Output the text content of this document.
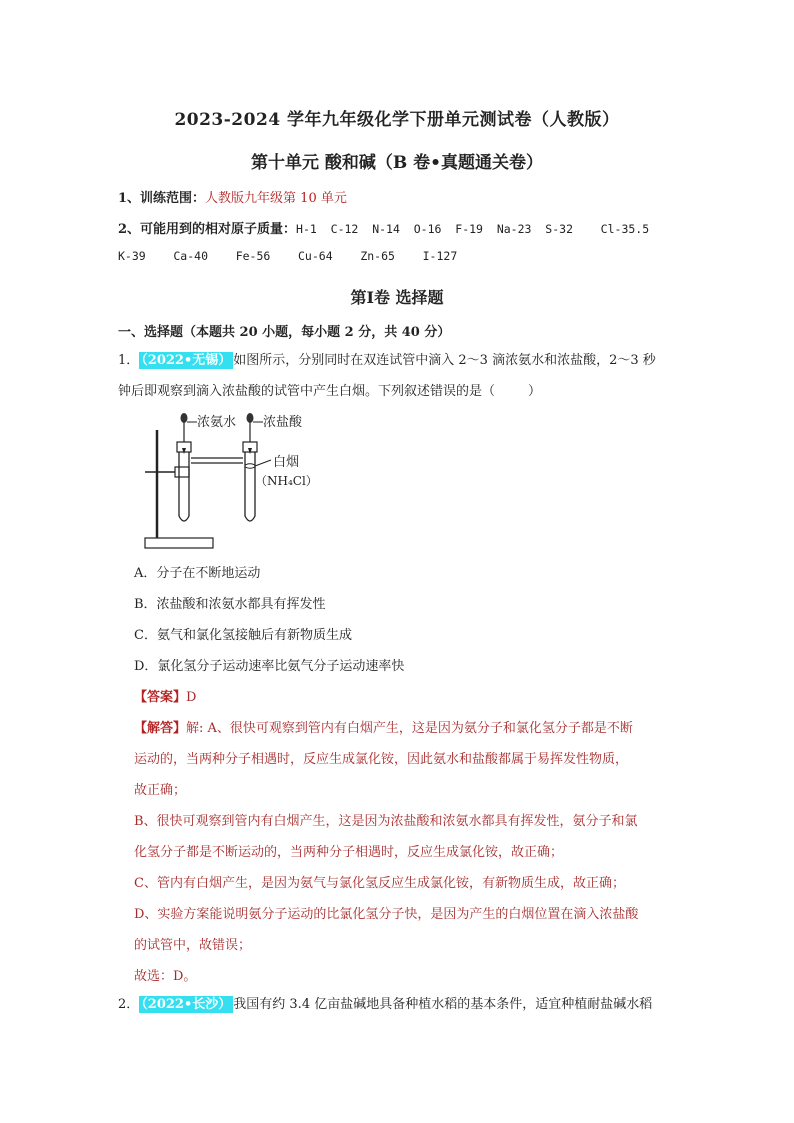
2023-2024 学年九年级化学下册单元测试卷（人教版）
第十单元 酸和碱（B 卷•真题通关卷）
1、训练范围：人教版九年级第 10 单元
2、可能用到的相对原子质量：H-1  C-12  N-14  O-16  F-19  Na-23  S-32    Cl-35.5
K-39    Ca-40    Fe-56    Cu-64    Zn-65    I-127
第Ⅰ卷 选择题
一、选择题（本题共 20 小题，每小题 2 分，共 40 分）
1． （2022•无锡） 如图所示，分别同时在双连试管中滴入 2～3 滴浓氨水和浓盐酸，2～3 秒
钟后即观察到滴入浓盐酸的试管中产生白烟。下列叙述错误的是（        ）
浓氨水 浓盐酸
白烟
（NH₄Cl）
A．分子在不断地运动
B．浓盐酸和浓氨水都具有挥发性
C．氨气和氯化氢接触后有新物质生成
D．氯化氢分子运动速率比氨气分子运动速率快
【答案】D
【解答】解: A、很快可观察到管内有白烟产生，这是因为氨分子和氯化氢分子都是不断
运动的，当两种分子相遇时，反应生成氯化铵，因此氨水和盐酸都属于易挥发性物质，
故正确；
B、很快可观察到管内有白烟产生，这是因为浓盐酸和浓氨水都具有挥发性，氨分子和氯
化氢分子都是不断运动的，当两种分子相遇时，反应生成氯化铵，故正确；
C、管内有白烟产生，是因为氨气与氯化氢反应生成氯化铵，有新物质生成，故正确；
D、实验方案能说明氨分子运动的比氯化氢分子快，是因为产生的白烟位置在滴入浓盐酸
的试管中，故错误；
故选：D。
2． （2022•长沙） 我国有约 3.4 亿亩盐碱地具备种植水稻的基本条件，适宜种植耐盐碱水稻
